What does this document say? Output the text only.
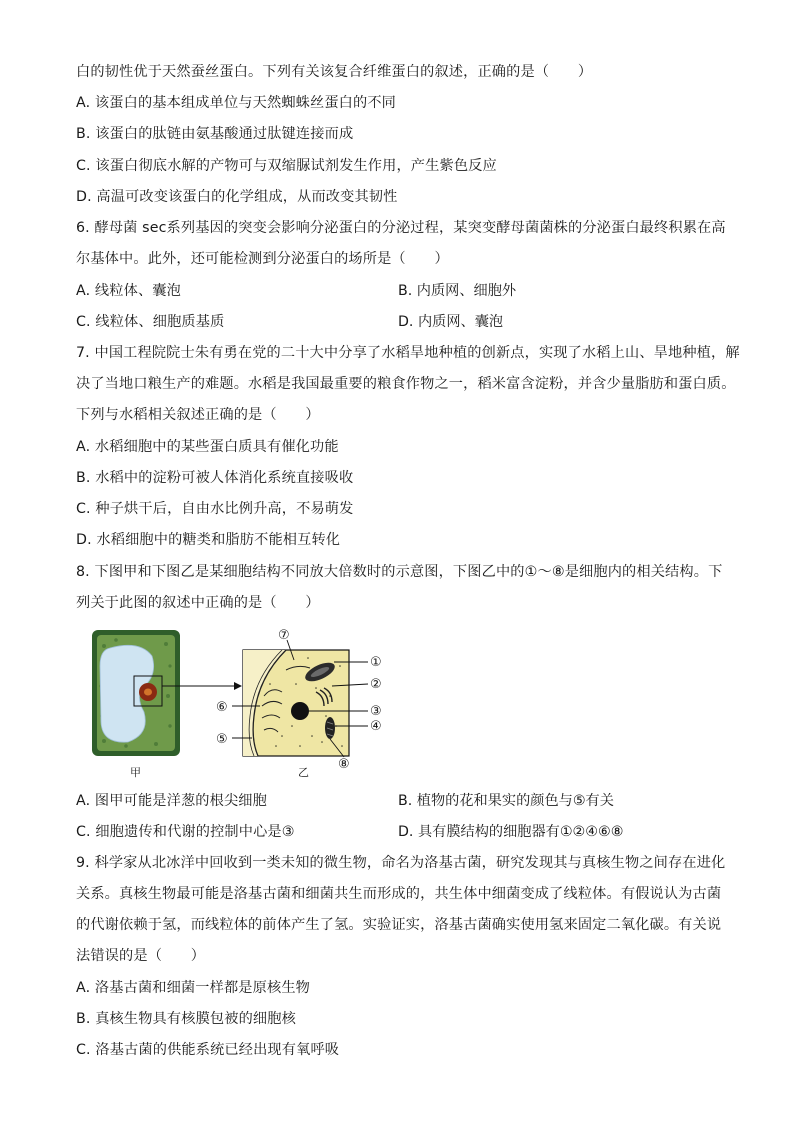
白的韧性优于天然蚕丝蛋白。下列有关该复合纤维蛋白的叙述，正确的是（　　）
A. 该蛋白的基本组成单位与天然蜘蛛丝蛋白的不同
B. 该蛋白的肽链由氨基酸通过肽键连接而成
C. 该蛋白彻底水解的产物可与双缩脲试剂发生作用，产生紫色反应
D. 高温可改变该蛋白的化学组成，从而改变其韧性
6. 酵母菌 sec系列基因的突变会影响分泌蛋白的分泌过程，某突变酵母菌菌株的分泌蛋白最终积累在高
尔基体中。此外，还可能检测到分泌蛋白的场所是（　　）
A. 线粒体、囊泡	B. 内质网、细胞外
C. 线粒体、细胞质基质	D. 内质网、囊泡
7. 中国工程院院士朱有勇在党的二十大中分享了水稻旱地种植的创新点，实现了水稻上山、旱地种植，解
决了当地口粮生产的难题。水稻是我国最重要的粮食作物之一，稻米富含淀粉，并含少量脂肪和蛋白质。
下列与水稻相关叙述正确的是（　　）
A. 水稻细胞中的某些蛋白质具有催化功能
B. 水稻中的淀粉可被人体消化系统直接吸收
C. 种子烘干后，自由水比例升高，不易萌发
D. 水稻细胞中的糖类和脂肪不能相互转化
8. 下图甲和下图乙是某细胞结构不同放大倍数时的示意图，下图乙中的①～⑧是细胞内的相关结构。下
列关于此图的叙述中正确的是（　　）
甲
⑦
①
②
⑥	③
④
⑤
⑧
乙
A. 图甲可能是洋葱的根尖细胞	B. 植物的花和果实的颜色与⑤有关
C. 细胞遗传和代谢的控制中心是③	D. 具有膜结构的细胞器有①②④⑥⑧
9. 科学家从北冰洋中回收到一类未知的微生物，命名为洛基古菌，研究发现其与真核生物之间存在进化
关系。真核生物最可能是洛基古菌和细菌共生而形成的，共生体中细菌变成了线粒体。有假说认为古菌
的代谢依赖于氢，而线粒体的前体产生了氢。实验证实，洛基古菌确实使用氢来固定二氧化碳。有关说
法错误的是（　　）
A. 洛基古菌和细菌一样都是原核生物
B. 真核生物具有核膜包被的细胞核
C. 洛基古菌的供能系统已经出现有氧呼吸
